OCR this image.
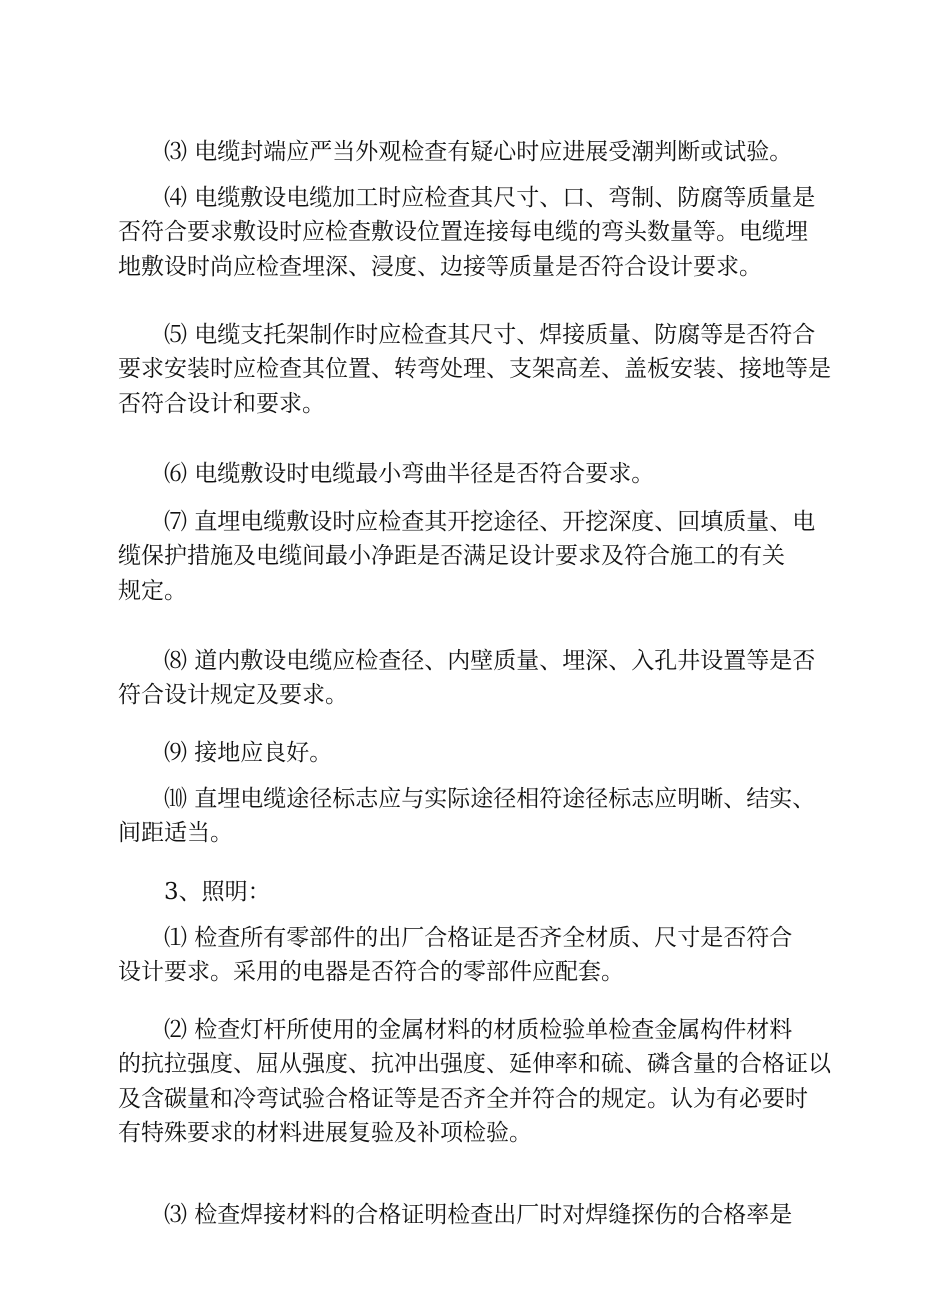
⑶ 电缆封端应严当外观检查有疑心时应进展受潮判断或试验。
⑷ 电缆敷设电缆加工时应检查其尺寸、口、弯制、防腐等质量是
否符合要求敷设时应检查敷设位置连接每电缆的弯头数量等。电缆埋
地敷设时尚应检查埋深、浸度、边接等质量是否符合设计要求。
⑸ 电缆支托架制作时应检查其尺寸、焊接质量、防腐等是否符合
要求安装时应检查其位置、转弯处理、支架高差、盖板安装、接地等是
否符合设计和要求。
⑹ 电缆敷设时电缆最小弯曲半径是否符合要求。
⑺ 直埋电缆敷设时应检查其开挖途径、开挖深度、回填质量、电
缆保护措施及电缆间最小净距是否满足设计要求及符合施工的有关
规定。
⑻ 道内敷设电缆应检查径、内壁质量、埋深、入孔井设置等是否
符合设计规定及要求。
⑼ 接地应良好。
⑽ 直埋电缆途径标志应与实际途径相符途径标志应明晰、结实、
间距适当。
3、照明：
⑴ 检查所有零部件的出厂合格证是否齐全材质、尺寸是否符合
设计要求。采用的电器是否符合的零部件应配套。
⑵ 检查灯杆所使用的金属材料的材质检验单检查金属构件材料
的抗拉强度、屈从强度、抗冲出强度、延伸率和硫、磷含量的合格证以
及含碳量和冷弯试验合格证等是否齐全并符合的规定。认为有必要时
有特殊要求的材料进展复验及补项检验。
⑶ 检查焊接材料的合格证明检查出厂时对焊缝探伤的合格率是
